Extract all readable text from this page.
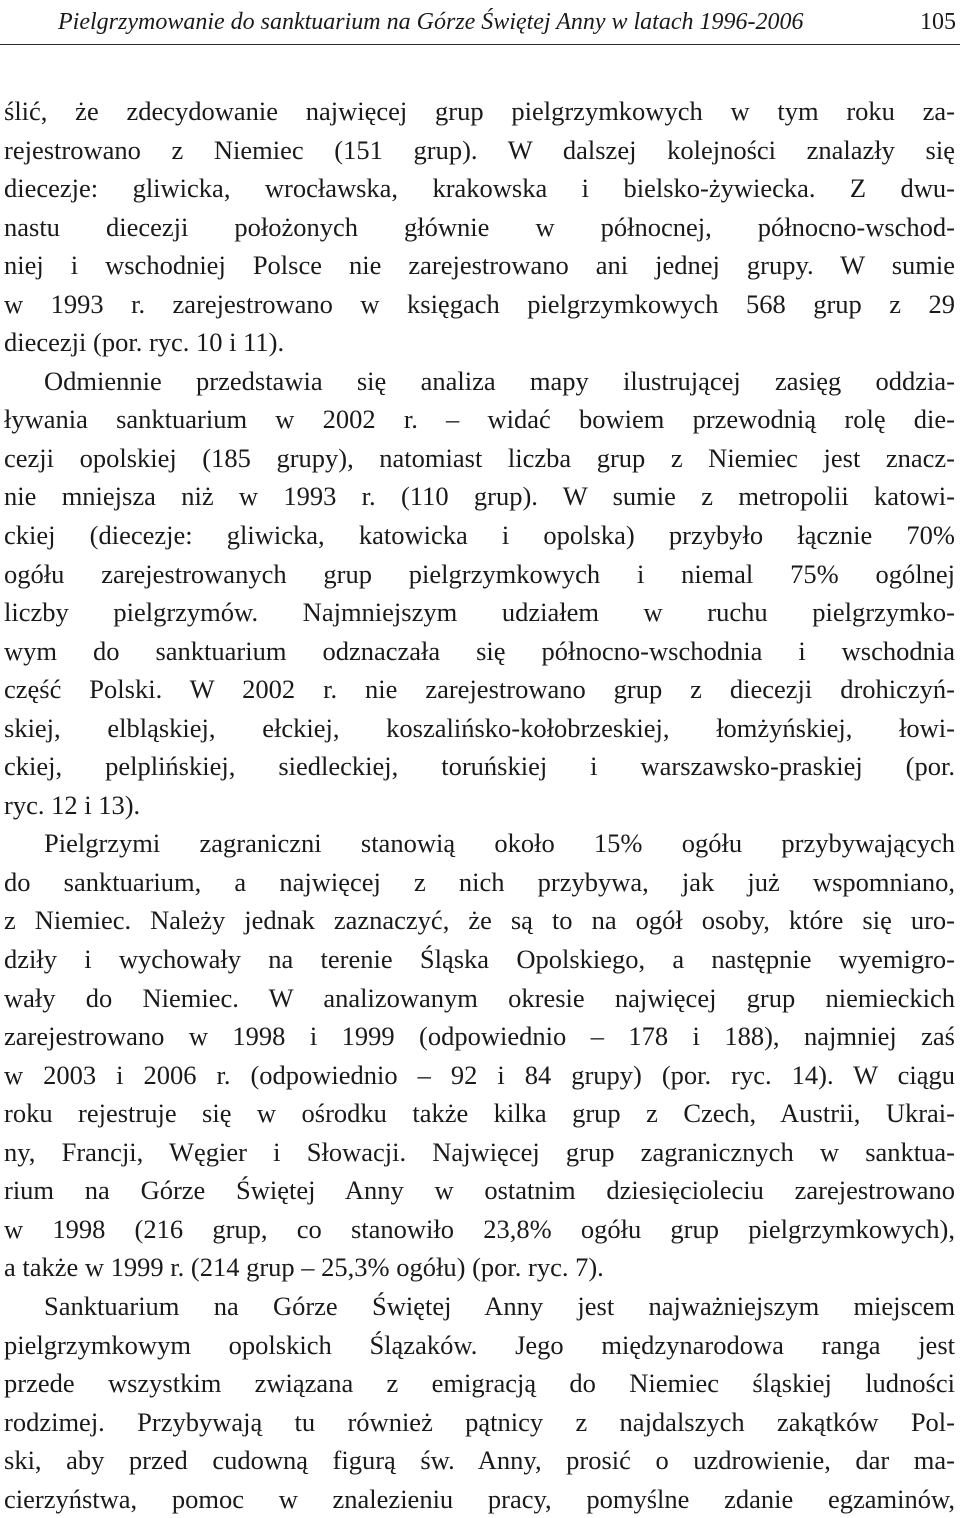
Pielgrzymowanie do sanktuarium na Górze Świętej Anny w latach 1996-2006	105
ślić, że zdecydowanie najwięcej grup pielgrzymkowych w tym roku za-
rejestrowano z Niemiec (151 grup). W dalszej kolejności znalazły się
diecezje: gliwicka, wrocławska, krakowska i bielsko-żywiecka. Z dwu-
nastu diecezji położonych głównie w północnej, północno-wschod-
niej i wschodniej Polsce nie zarejestrowano ani jednej grupy. W sumie
w 1993 r. zarejestrowano w księgach pielgrzymkowych 568 grup z 29
diecezji (por. ryc. 10 i 11).
Odmiennie przedstawia się analiza mapy ilustrującej zasięg oddzia-
ływania sanktuarium w 2002 r. – widać bowiem przewodnią rolę die-
cezji opolskiej (185 grupy), natomiast liczba grup z Niemiec jest znacz-
nie mniejsza niż w 1993 r. (110 grup). W sumie z metropolii katowi-
ckiej (diecezje: gliwicka, katowicka i opolska) przybyło łącznie 70%
ogółu zarejestrowanych grup pielgrzymkowych i niemal 75% ogólnej
liczby pielgrzymów. Najmniejszym udziałem w ruchu pielgrzymko-
wym do sanktuarium odznaczała się północno-wschodnia i wschodnia
część Polski. W 2002 r. nie zarejestrowano grup z diecezji drohiczyń-
skiej, elbląskiej, ełckiej, koszalińsko-kołobrzeskiej, łomżyńskiej, łowi-
ckiej, pelplińskiej, siedleckiej, toruńskiej i warszawsko-praskiej (por.
ryc. 12 i 13).
Pielgrzymi zagraniczni stanowią około 15% ogółu przybywających
do sanktuarium, a najwięcej z nich przybywa, jak już wspomniano,
z Niemiec. Należy jednak zaznaczyć, że są to na ogół osoby, które się uro-
dziły i wychowały na terenie Śląska Opolskiego, a następnie wyemigro-
wały do Niemiec. W analizowanym okresie najwięcej grup niemieckich
zarejestrowano w 1998 i 1999 (odpowiednio – 178 i 188), najmniej zaś
w 2003 i 2006 r. (odpowiednio – 92 i 84 grupy) (por. ryc. 14). W ciągu
roku rejestruje się w ośrodku także kilka grup z Czech, Austrii, Ukrai-
ny, Francji, Węgier i Słowacji. Najwięcej grup zagranicznych w sanktua-
rium na Górze Świętej Anny w ostatnim dziesięcioleciu zarejestrowano
w 1998 (216 grup, co stanowiło 23,8% ogółu grup pielgrzymkowych),
a także w 1999 r. (214 grup – 25,3% ogółu) (por. ryc. 7).
Sanktuarium na Górze Świętej Anny jest najważniejszym miejscem
pielgrzymkowym opolskich Ślązaków. Jego międzynarodowa ranga jest
przede wszystkim związana z emigracją do Niemiec śląskiej ludności
rodzimej. Przybywają tu również pątnicy z najdalszych zakątków Pol-
ski, aby przed cudowną figurą św. Anny, prosić o uzdrowienie, dar ma-
cierzyństwa, pomoc w znalezieniu pracy, pomyślne zdanie egzaminów,
